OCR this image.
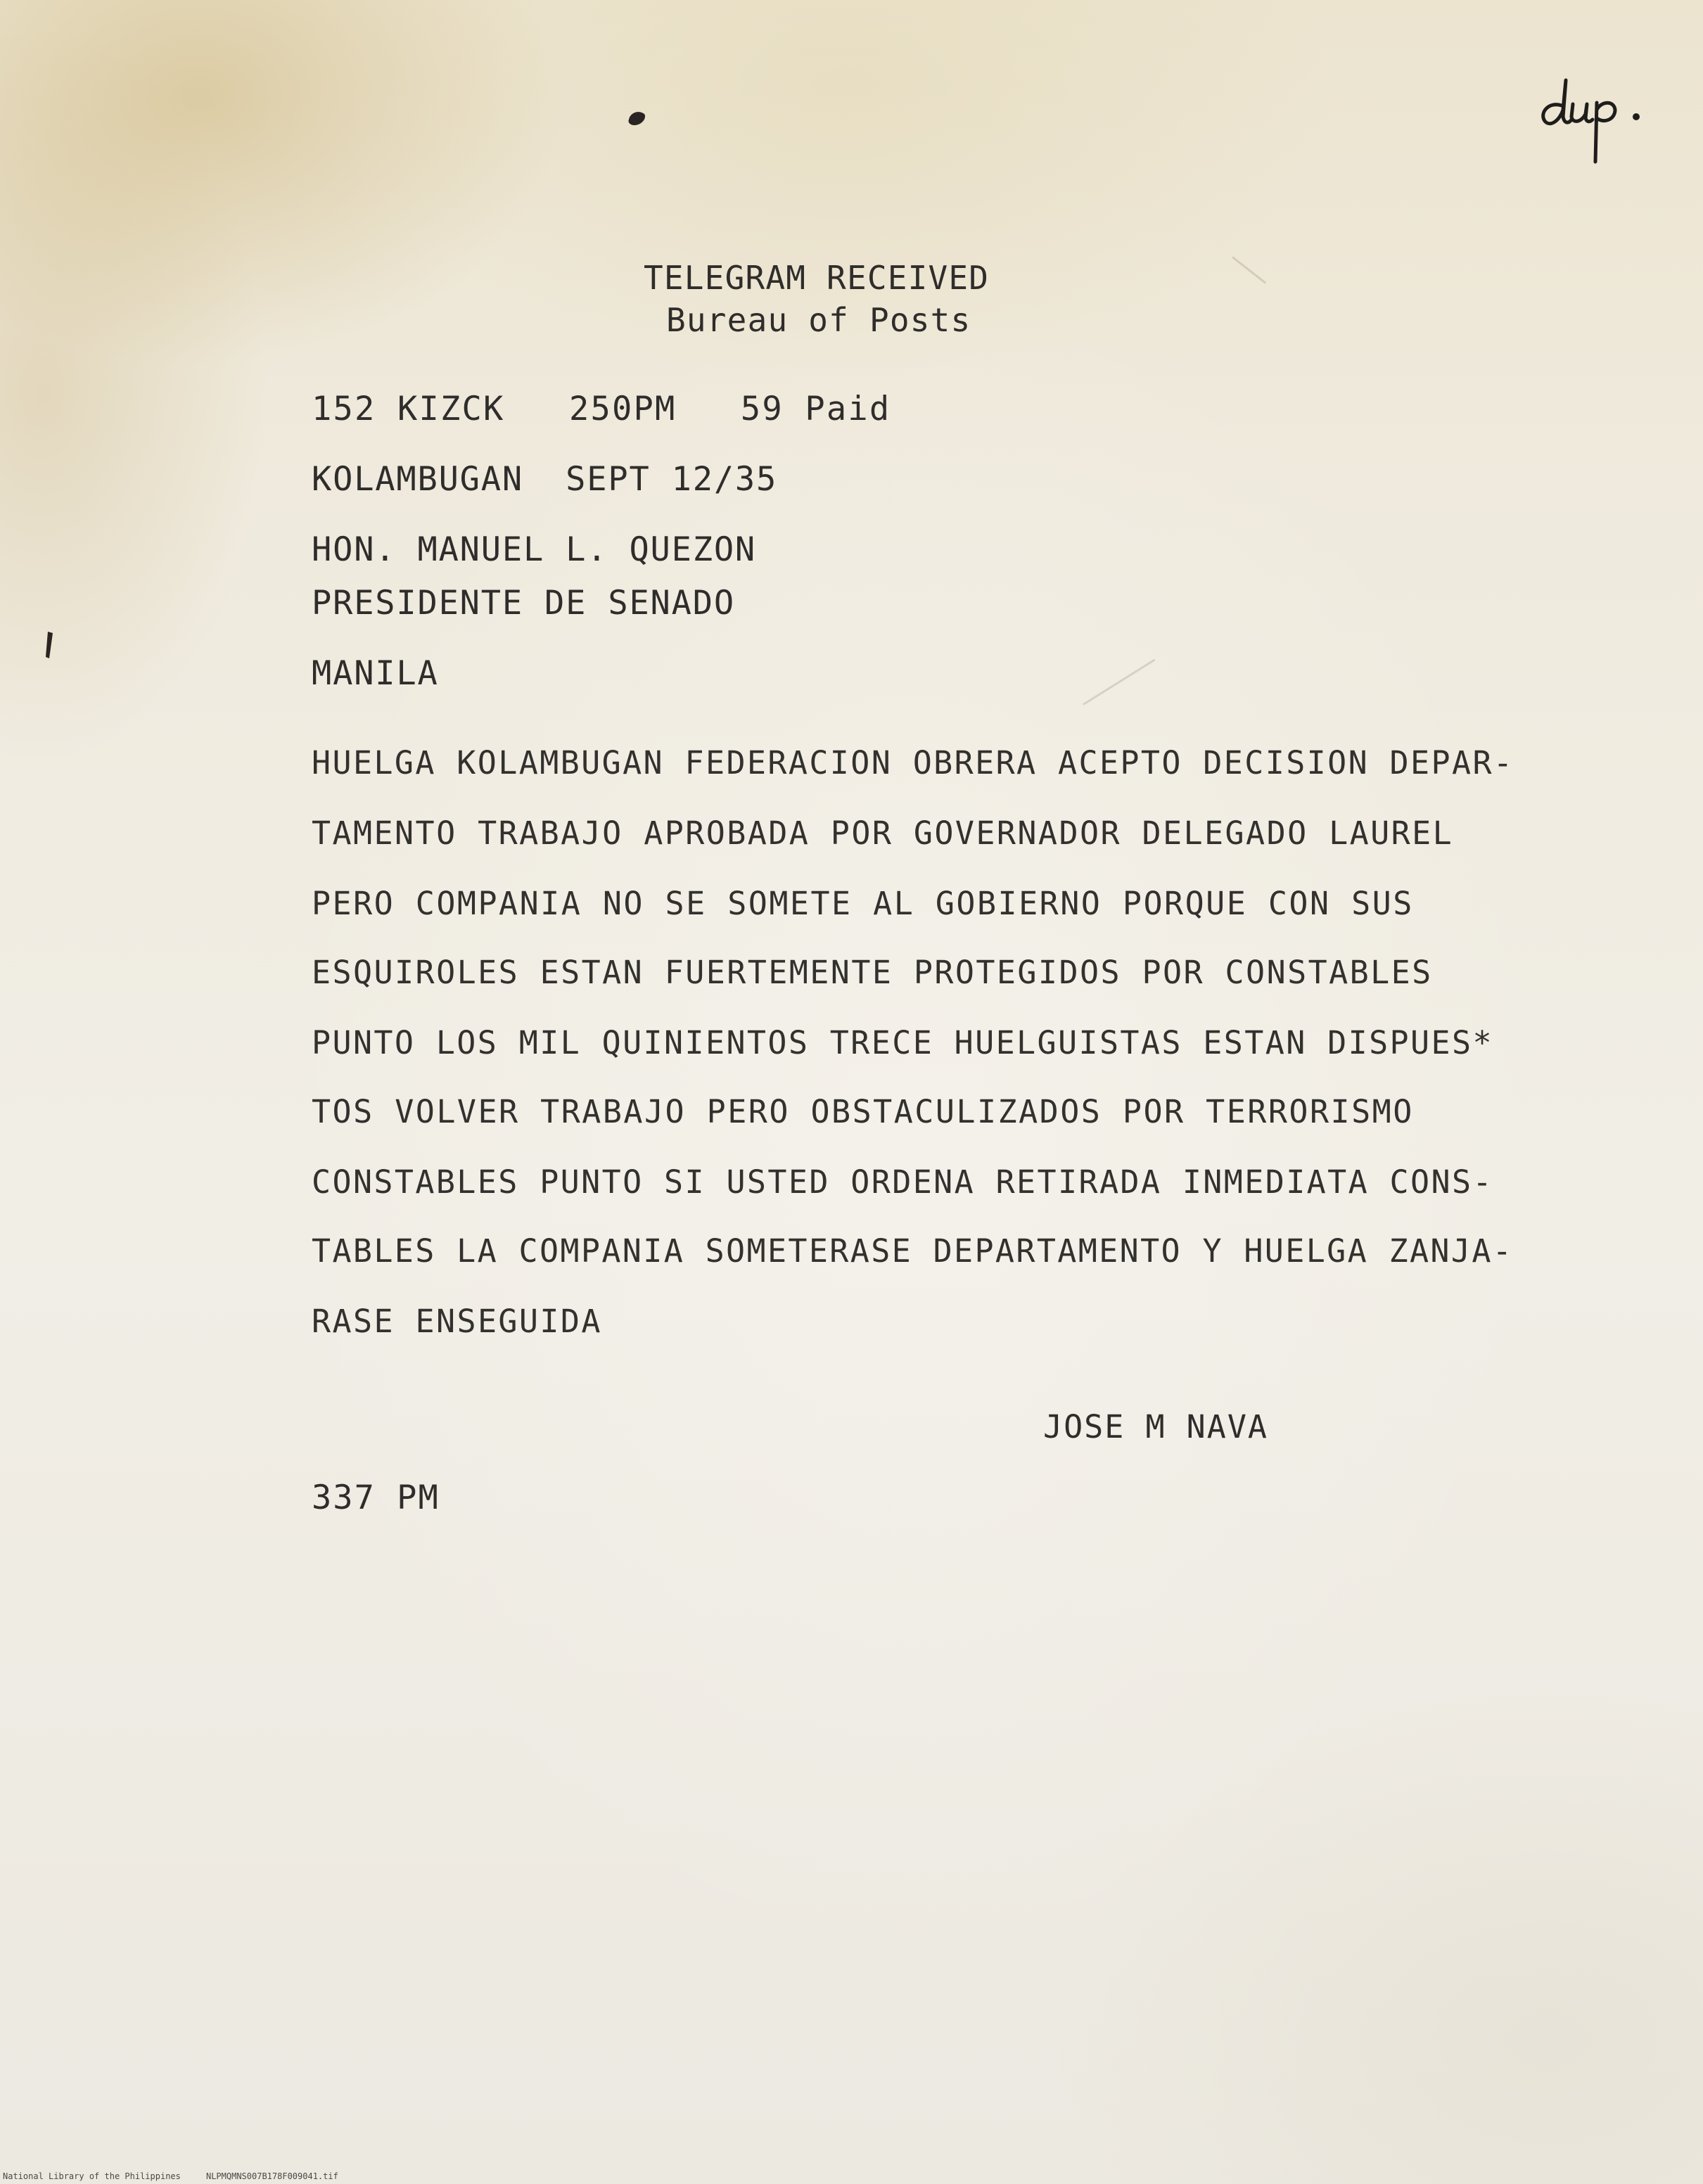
dup.
TELEGRAM RECEIVED
Bureau of Posts
152 KIZCK   250PM   59 Paid
KOLAMBUGAN  SEPT 12/35
HON. MANUEL L. QUEZON
PRESIDENTE DE SENADO
MANILA
HUELGA KOLAMBUGAN FEDERACION OBRERA ACEPTO DECISION DEPAR-
TAMENTO TRABAJO APROBADA POR GOVERNADOR DELEGADO LAUREL
PERO COMPANIA NO SE SOMETE AL GOBIERNO PORQUE CON SUS
ESQUIROLES ESTAN FUERTEMENTE PROTEGIDOS POR CONSTABLES
PUNTO LOS MIL QUINIENTOS TRECE HUELGUISTAS ESTAN DISPUES*
TOS VOLVER TRABAJO PERO OBSTACULIZADOS POR TERRORISMO
CONSTABLES PUNTO SI USTED ORDENA RETIRADA INMEDIATA CONS-
TABLES LA COMPANIA SOMETERASE DEPARTAMENTO Y HUELGA ZANJA-
RASE ENSEGUIDA
JOSE M NAVA
337 PM
National Library of the Philippines     NLPMQMNS007B178F009041.tif
